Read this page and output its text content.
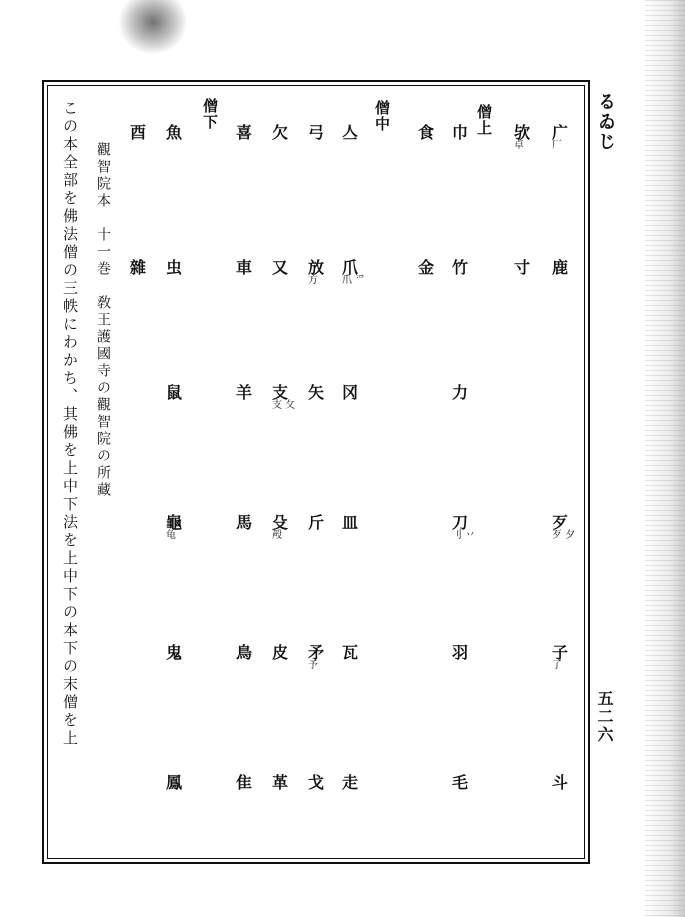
るゐじ

五二六

僧上

僧中

僧下

广
厂
鹿
歹
歹 夕
子
了
斗
欤
卓
寸
巾
竹
力
刀
刂 丷
羽
毛
食
金
亼
爪
爪 爫
冈
皿
瓦
走
弓
放
方
矢
斤
矛
予
戈
欠
又
支
支 攵
殳
殸
皮
革
喜
車
羊
馬
鳥
隹
魚
虫
鼠
龜
龟
鬼
鳳
酉
雜

觀智院本　十一巻　敎王護國寺の觀智院の所藏

この本全部を佛法僧の三帙にわかち、其佛を上中下法を上中下の本下の末僧を上
